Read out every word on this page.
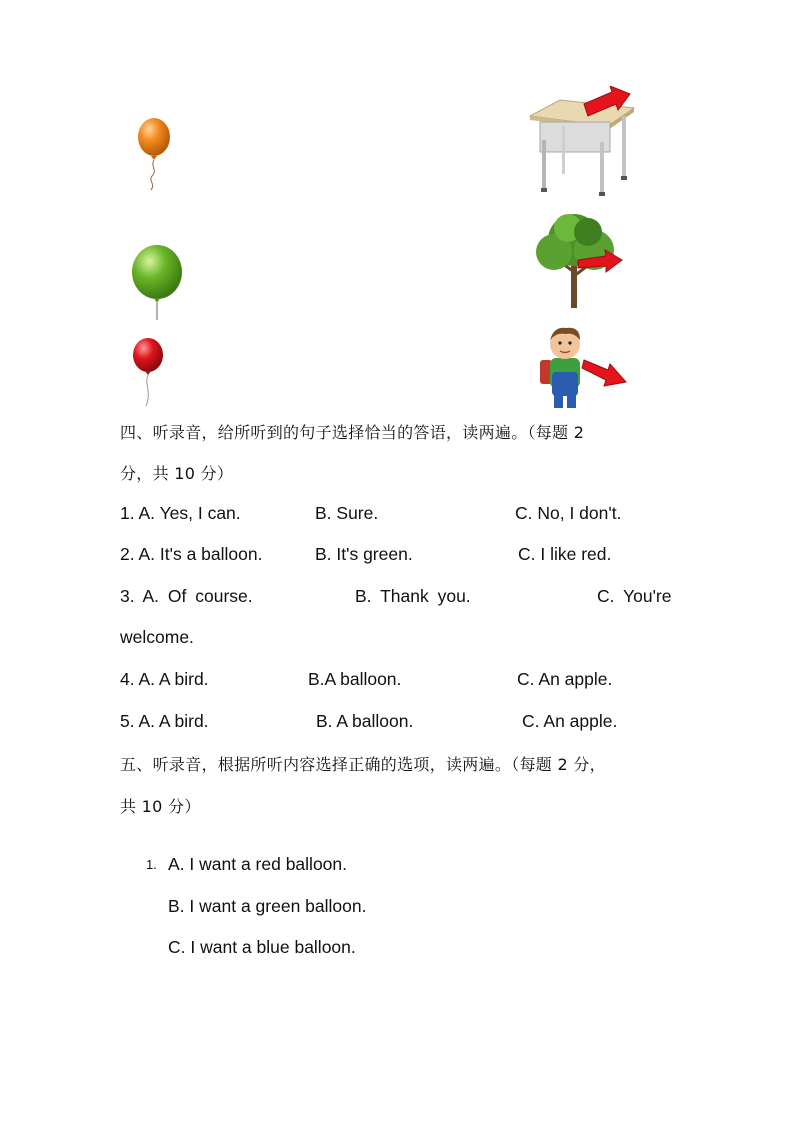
四、听录音，给所听到的句子选择恰当的答语，读两遍。（每题 2
分，共 10 分）
1. A. Yes, I can.	B. Sure.	C. No, I don't.
2. A. It's a balloon.	B. It's green.	C. I like red.
3. A. Of course.	B. Thank you.	C. You're
welcome.
4. A. A bird.	B.A balloon.	C. An apple.
5. A. A bird.	B. A balloon.	C. An apple.
五、听录音，根据所听内容选择正确的选项，读两遍。（每题 2 分，
共 10 分）
1. A. I want a red balloon.
B. I want a green balloon.
C. I want a blue balloon.
